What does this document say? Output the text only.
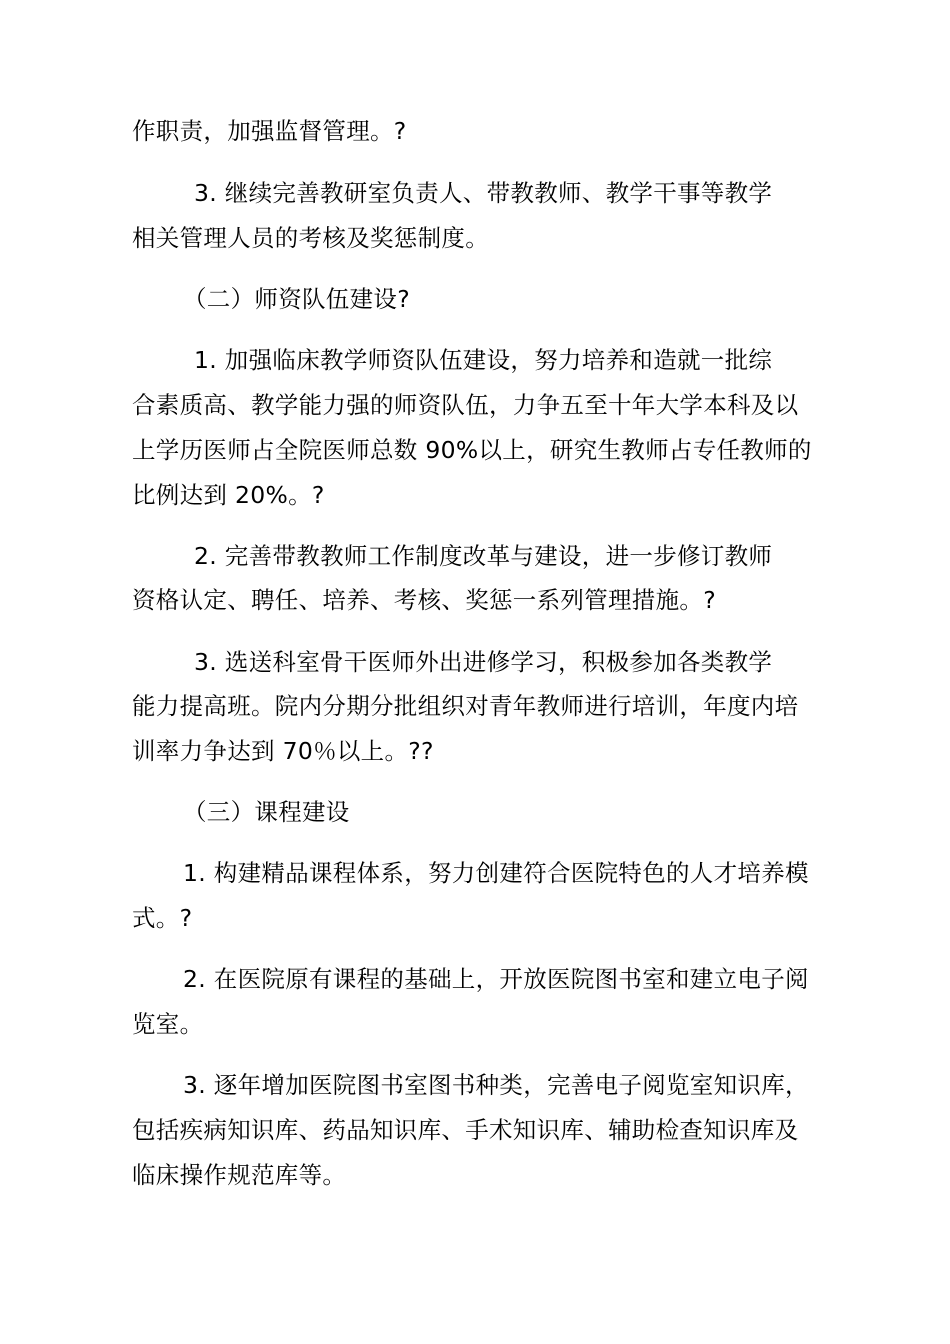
作职责，加强监督管理。?
3. 继续完善教研室负责人、带教教师、教学干事等教学
相关管理人员的考核及奖惩制度。
（二）师资队伍建设?
1. 加强临床教学师资队伍建设，努力培养和造就一批综
合素质高、教学能力强的师资队伍，力争五至十年大学本科及以
上学历医师占全院医师总数 90%以上，研究生教师占专任教师的
比例达到 20%。?
2. 完善带教教师工作制度改革与建设，进一步修订教师
资格认定、聘任、培养、考核、奖惩一系列管理措施。?
3. 选送科室骨干医师外出进修学习，积极参加各类教学
能力提高班。院内分期分批组织对青年教师进行培训，年度内培
训率力争达到 70％以上。??
（三）课程建设
1. 构建精品课程体系，努力创建符合医院特色的人才培养模
式。?
2. 在医院原有课程的基础上，开放医院图书室和建立电子阅
览室。
3. 逐年增加医院图书室图书种类，完善电子阅览室知识库，
包括疾病知识库、药品知识库、手术知识库、辅助检查知识库及
临床操作规范库等。
